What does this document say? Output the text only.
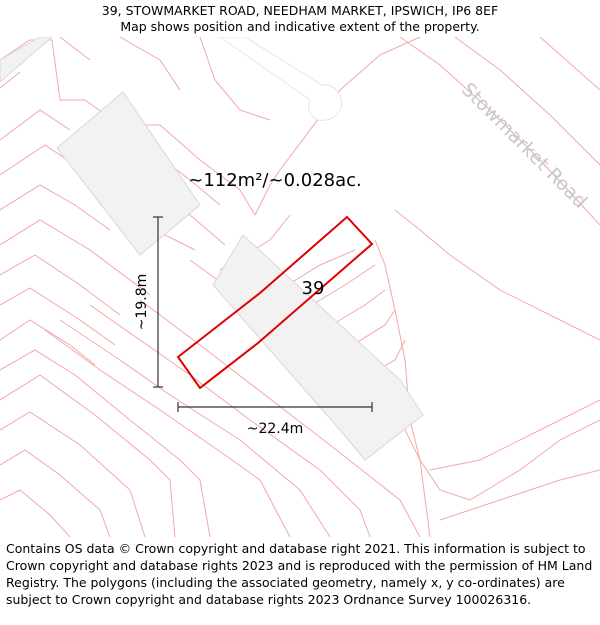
39, STOWMARKET ROAD, NEEDHAM MARKET, IPSWICH, IP6 8EF
Map shows position and indicative extent of the property.
Stowmarket Road
~112m²/~0.028ac.
39
~19.8m
~22.4m
Contains OS data © Crown copyright and database right 2021. This information is subject to Crown copyright and database rights 2023 and is reproduced with the permission of HM Land Registry. The polygons (including the associated geometry, namely x, y co-ordinates) are subject to Crown copyright and database rights 2023 Ordnance Survey 100026316.
